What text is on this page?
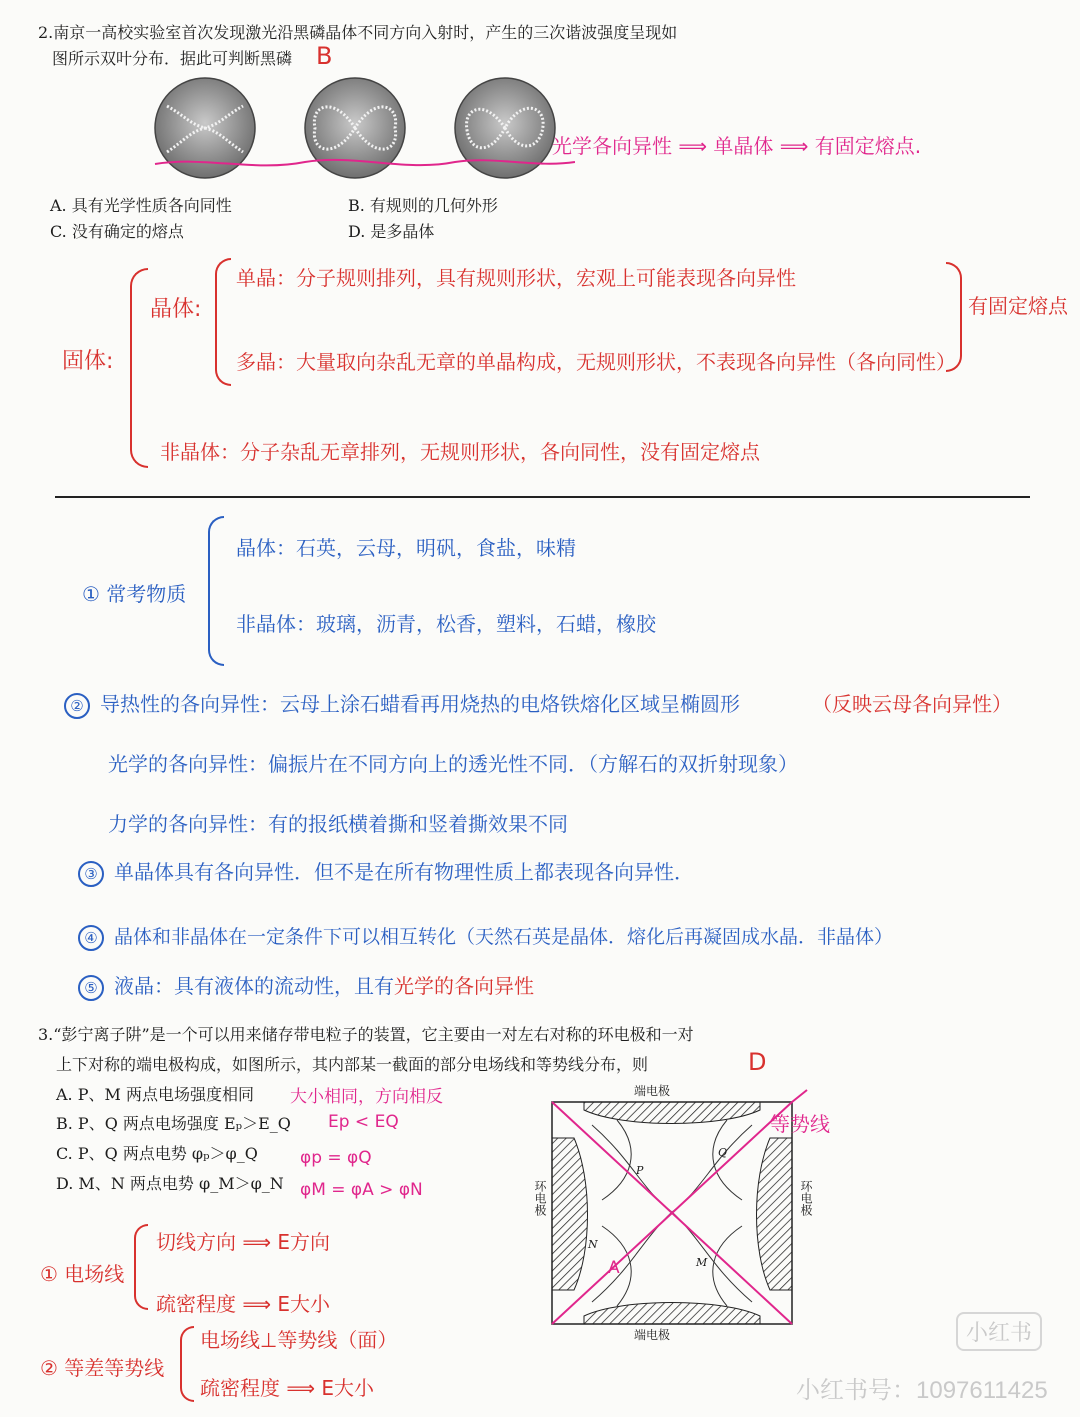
2.南京一高校实验室首次发现激光沿黑磷晶体不同方向入射时，产生的三次谐波强度呈现如
图所示双叶分布．据此可判断黑磷 B
光学各向异性 ⟹ 单晶体 ⟹ 有固定熔点.
A. 具有光学性质各向同性	B. 有规则的几何外形
C. 没有确定的熔点	D. 是多晶体
固体:
晶体:
单晶：分子规则排列，具有规则形状，宏观上可能表现各向异性
多晶：大量取向杂乱无章的单晶构成，无规则形状，不表现各向异性（各向同性）
有固定熔点
非晶体：分子杂乱无章排列，无规则形状，各向同性，没有固定熔点
① 常考物质
晶体：石英，云母，明矾，食盐，味精
非晶体：玻璃，沥青，松香，塑料，石蜡，橡胶
② 导热性的各向异性：云母上涂石蜡看再用烧热的电烙铁熔化区域呈椭圆形	（反映云母各向异性）
光学的各向异性：偏振片在不同方向上的透光性不同．（方解石的双折射现象）
力学的各向异性：有的报纸横着撕和竖着撕效果不同
③ 单晶体具有各向异性．但不是在所有物理性质上都表现各向异性．
④ 晶体和非晶体在一定条件下可以相互转化（天然石英是晶体．熔化后再凝固成水晶．非晶体）
⑤ 液晶：具有液体的流动性，且有光学的各向异性
3.“彭宁离子阱”是一个可以用来储存带电粒子的装置，它主要由一对左右对称的环电极和一对
上下对称的端电极构成，如图所示，其内部某一截面的部分电场线和等势线分布，则	D
A. P、M 两点电场强度相同 大小相同，方向相反
B. P、Q 两点电场强度 Eₚ＞E_Q Ep < EQ
C. P、Q 两点电势 φₚ＞φ_Q φp = φQ
D. M、N 两点电势 φ_M＞φ_N φM = φA > φN
端电极
端电极
环电极	环电极
P
Q
M
N
A
等势线
① 电场线
切线方向 ⟹ E方向
疏密程度 ⟹ E大小
② 等差等势线
电场线⊥等势线（面）
疏密程度 ⟹ E大小
小红书
小红书号：1097611425
